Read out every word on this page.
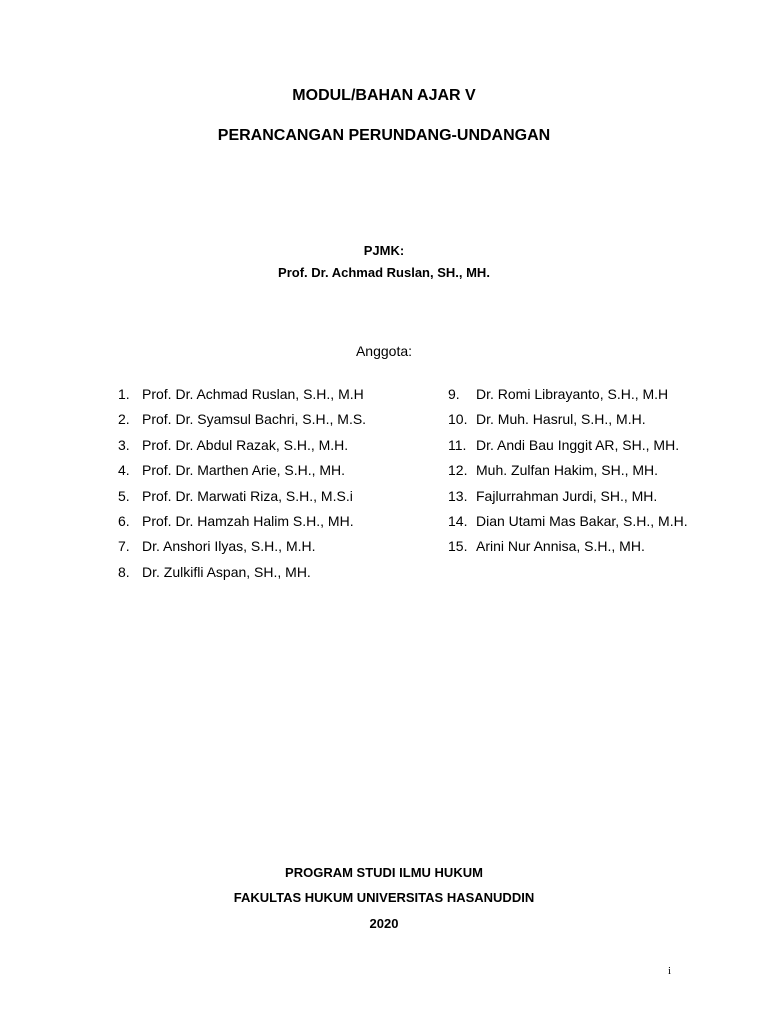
MODUL/BAHAN AJAR V
PERANCANGAN PERUNDANG-UNDANGAN
PJMK:
Prof. Dr. Achmad Ruslan, SH., MH.
Anggota:
1. Prof. Dr. Achmad Ruslan, S.H., M.H
2. Prof. Dr. Syamsul Bachri, S.H., M.S.
3. Prof. Dr. Abdul Razak, S.H., M.H.
4. Prof. Dr. Marthen Arie, S.H., MH.
5. Prof. Dr. Marwati Riza, S.H., M.S.i
6. Prof. Dr. Hamzah Halim S.H., MH.
7. Dr. Anshori Ilyas, S.H., M.H.
8. Dr. Zulkifli Aspan, SH., MH.
9. Dr. Romi Librayanto, S.H., M.H
10. Dr. Muh. Hasrul, S.H., M.H.
11. Dr. Andi Bau Inggit AR, SH., MH.
12. Muh. Zulfan Hakim, SH., MH.
13. Fajlurrahman Jurdi, SH., MH.
14. Dian Utami Mas Bakar, S.H., M.H.
15. Arini Nur Annisa, S.H., MH.
PROGRAM STUDI ILMU HUKUM
FAKULTAS HUKUM UNIVERSITAS HASANUDDIN
2020
i
